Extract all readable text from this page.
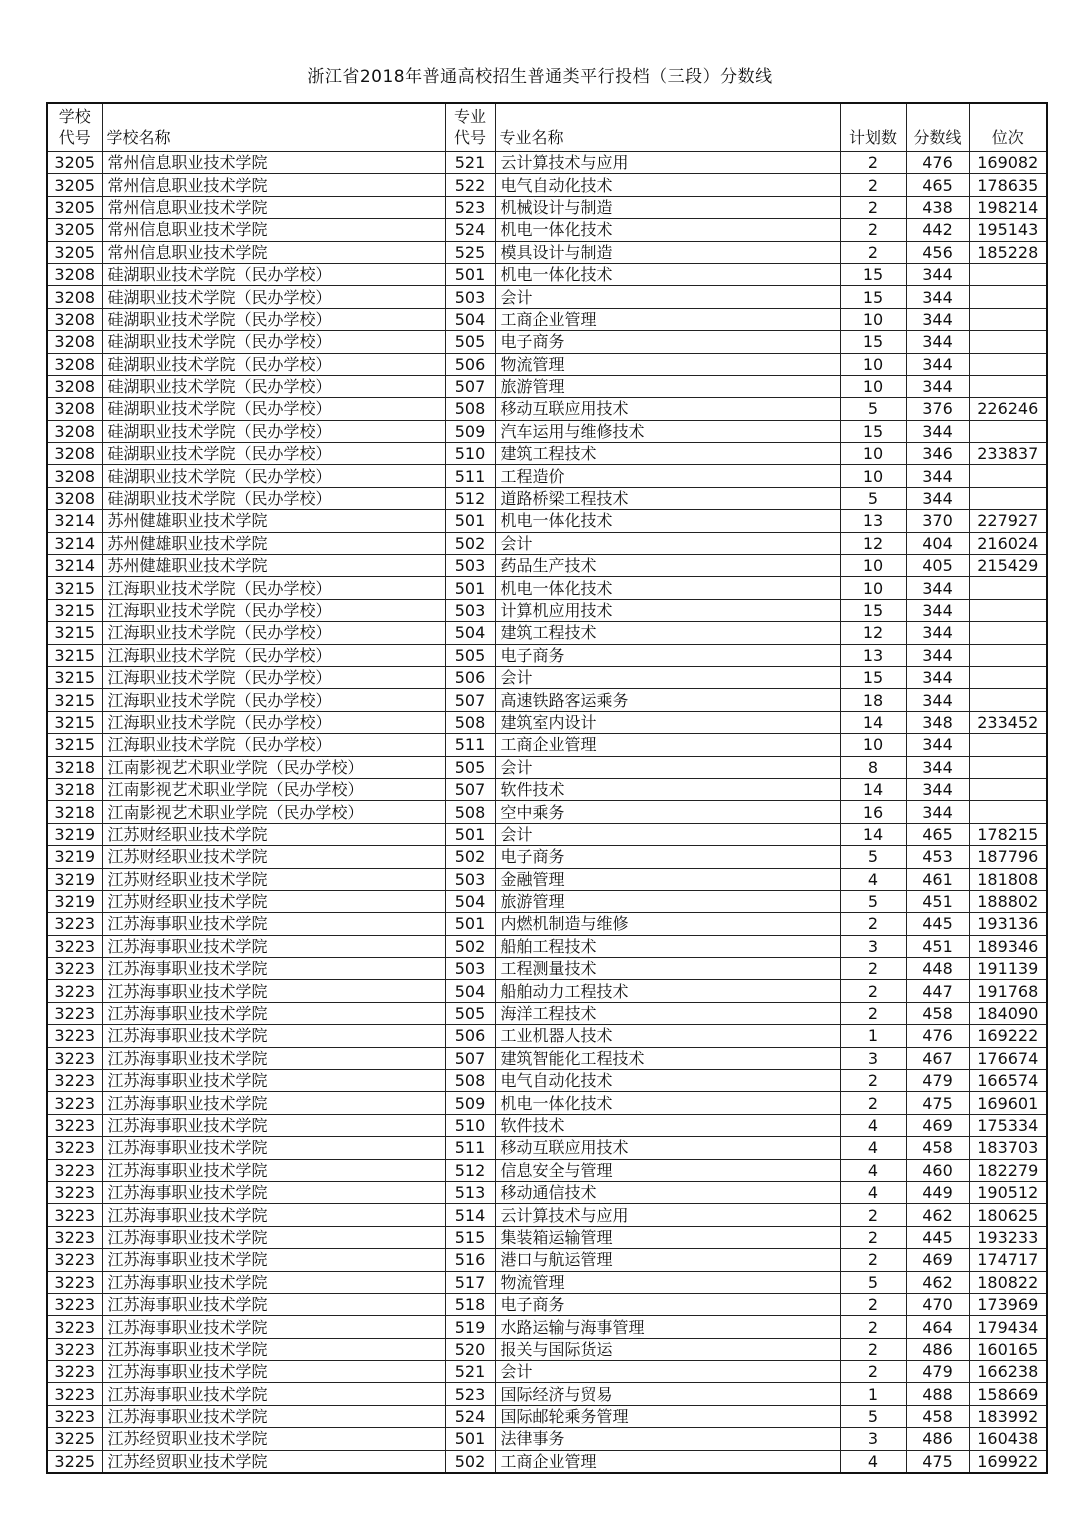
浙江省2018年普通高校招生普通类平行投档（三段）分数线
学校
代号	学校名称	专业
代号	专业名称	计划数	分数线	位次
3205	常州信息职业技术学院	521	云计算技术与应用	2	476	169082
3205	常州信息职业技术学院	522	电气自动化技术	2	465	178635
3205	常州信息职业技术学院	523	机械设计与制造	2	438	198214
3205	常州信息职业技术学院	524	机电一体化技术	2	442	195143
3205	常州信息职业技术学院	525	模具设计与制造	2	456	185228
3208	硅湖职业技术学院（民办学校）	501	机电一体化技术	15	344	
3208	硅湖职业技术学院（民办学校）	503	会计	15	344	
3208	硅湖职业技术学院（民办学校）	504	工商企业管理	10	344	
3208	硅湖职业技术学院（民办学校）	505	电子商务	15	344	
3208	硅湖职业技术学院（民办学校）	506	物流管理	10	344	
3208	硅湖职业技术学院（民办学校）	507	旅游管理	10	344	
3208	硅湖职业技术学院（民办学校）	508	移动互联应用技术	5	376	226246
3208	硅湖职业技术学院（民办学校）	509	汽车运用与维修技术	15	344	
3208	硅湖职业技术学院（民办学校）	510	建筑工程技术	10	346	233837
3208	硅湖职业技术学院（民办学校）	511	工程造价	10	344	
3208	硅湖职业技术学院（民办学校）	512	道路桥梁工程技术	5	344	
3214	苏州健雄职业技术学院	501	机电一体化技术	13	370	227927
3214	苏州健雄职业技术学院	502	会计	12	404	216024
3214	苏州健雄职业技术学院	503	药品生产技术	10	405	215429
3215	江海职业技术学院（民办学校）	501	机电一体化技术	10	344	
3215	江海职业技术学院（民办学校）	503	计算机应用技术	15	344	
3215	江海职业技术学院（民办学校）	504	建筑工程技术	12	344	
3215	江海职业技术学院（民办学校）	505	电子商务	13	344	
3215	江海职业技术学院（民办学校）	506	会计	15	344	
3215	江海职业技术学院（民办学校）	507	高速铁路客运乘务	18	344	
3215	江海职业技术学院（民办学校）	508	建筑室内设计	14	348	233452
3215	江海职业技术学院（民办学校）	511	工商企业管理	10	344	
3218	江南影视艺术职业学院（民办学校）	505	会计	8	344	
3218	江南影视艺术职业学院（民办学校）	507	软件技术	14	344	
3218	江南影视艺术职业学院（民办学校）	508	空中乘务	16	344	
3219	江苏财经职业技术学院	501	会计	14	465	178215
3219	江苏财经职业技术学院	502	电子商务	5	453	187796
3219	江苏财经职业技术学院	503	金融管理	4	461	181808
3219	江苏财经职业技术学院	504	旅游管理	5	451	188802
3223	江苏海事职业技术学院	501	内燃机制造与维修	2	445	193136
3223	江苏海事职业技术学院	502	船舶工程技术	3	451	189346
3223	江苏海事职业技术学院	503	工程测量技术	2	448	191139
3223	江苏海事职业技术学院	504	船舶动力工程技术	2	447	191768
3223	江苏海事职业技术学院	505	海洋工程技术	2	458	184090
3223	江苏海事职业技术学院	506	工业机器人技术	1	476	169222
3223	江苏海事职业技术学院	507	建筑智能化工程技术	3	467	176674
3223	江苏海事职业技术学院	508	电气自动化技术	2	479	166574
3223	江苏海事职业技术学院	509	机电一体化技术	2	475	169601
3223	江苏海事职业技术学院	510	软件技术	4	469	175334
3223	江苏海事职业技术学院	511	移动互联应用技术	4	458	183703
3223	江苏海事职业技术学院	512	信息安全与管理	4	460	182279
3223	江苏海事职业技术学院	513	移动通信技术	4	449	190512
3223	江苏海事职业技术学院	514	云计算技术与应用	2	462	180625
3223	江苏海事职业技术学院	515	集装箱运输管理	2	445	193233
3223	江苏海事职业技术学院	516	港口与航运管理	2	469	174717
3223	江苏海事职业技术学院	517	物流管理	5	462	180822
3223	江苏海事职业技术学院	518	电子商务	2	470	173969
3223	江苏海事职业技术学院	519	水路运输与海事管理	2	464	179434
3223	江苏海事职业技术学院	520	报关与国际货运	2	486	160165
3223	江苏海事职业技术学院	521	会计	2	479	166238
3223	江苏海事职业技术学院	523	国际经济与贸易	1	488	158669
3223	江苏海事职业技术学院	524	国际邮轮乘务管理	5	458	183992
3225	江苏经贸职业技术学院	501	法律事务	3	486	160438
3225	江苏经贸职业技术学院	502	工商企业管理	4	475	169922
